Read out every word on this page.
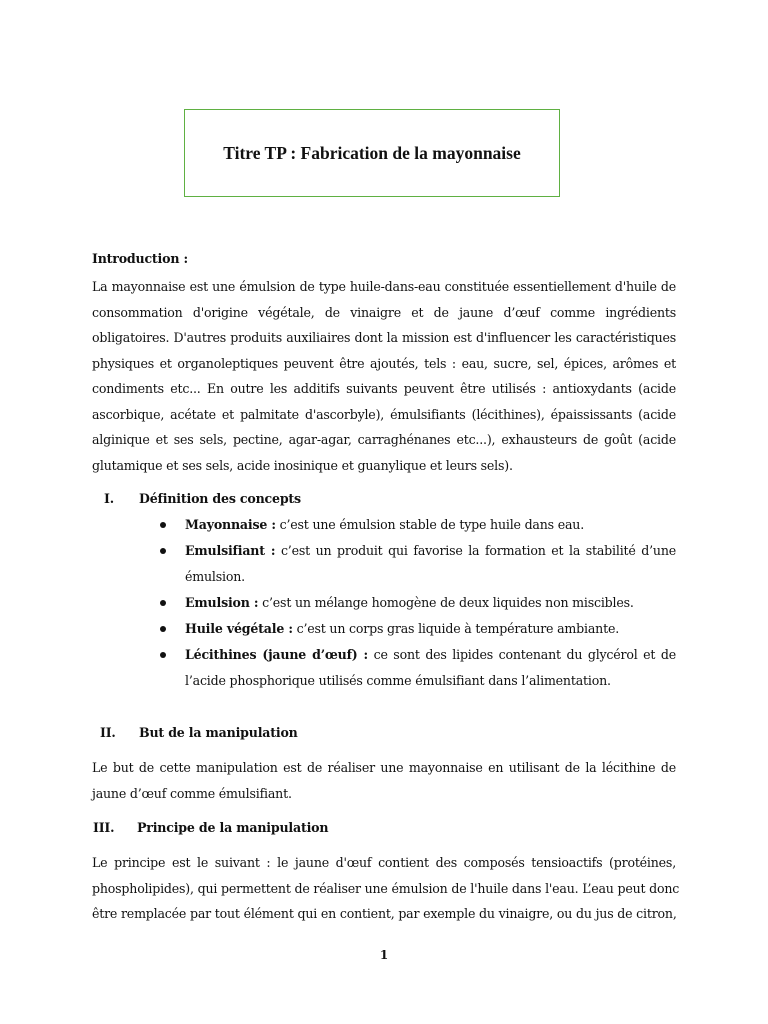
Titre TP : Fabrication de la mayonnaise
Introduction :
La mayonnaise est une émulsion de type huile-dans-eau constituée essentiellement d'huile de
consommation d'origine végétale, de vinaigre et de jaune d’œuf comme ingrédients
obligatoires. D'autres produits auxiliaires dont la mission est d'influencer les caractéristiques
physiques et organoleptiques peuvent être ajoutés, tels : eau, sucre, sel, épices, arômes et
condiments etc... En outre les additifs suivants peuvent être utilisés : antioxydants (acide
ascorbique, acétate et palmitate d'ascorbyle), émulsifiants (lécithines), épaississants (acide
alginique et ses sels, pectine, agar-agar, carraghénanes etc...), exhausteurs de goût (acide
glutamique et ses sels, acide inosinique et guanylique et leurs sels).
I. Définition des concepts
Mayonnaise : c’est une émulsion stable de type huile dans eau.
Emulsifiant : c’est un produit qui favorise la formation et la stabilité d’une
émulsion.
Emulsion : c’est un mélange homogène de deux liquides non miscibles.
Huile végétale : c’est un corps gras liquide à température ambiante.
Lécithines (jaune d’œuf) : ce sont des lipides contenant du glycérol et de
l’acide phosphorique utilisés comme émulsifiant dans l’alimentation.
II. But de la manipulation
Le but de cette manipulation est de réaliser une mayonnaise en utilisant de la lécithine de
jaune d’œuf comme émulsifiant.
III. Principe de la manipulation
Le principe est le suivant : le jaune d'œuf contient des composés tensioactifs (protéines,
phospholipides), qui permettent de réaliser une émulsion de l'huile dans l'eau. L’eau peut donc
être remplacée par tout élément qui en contient, par exemple du vinaigre, ou du jus de citron,
1
